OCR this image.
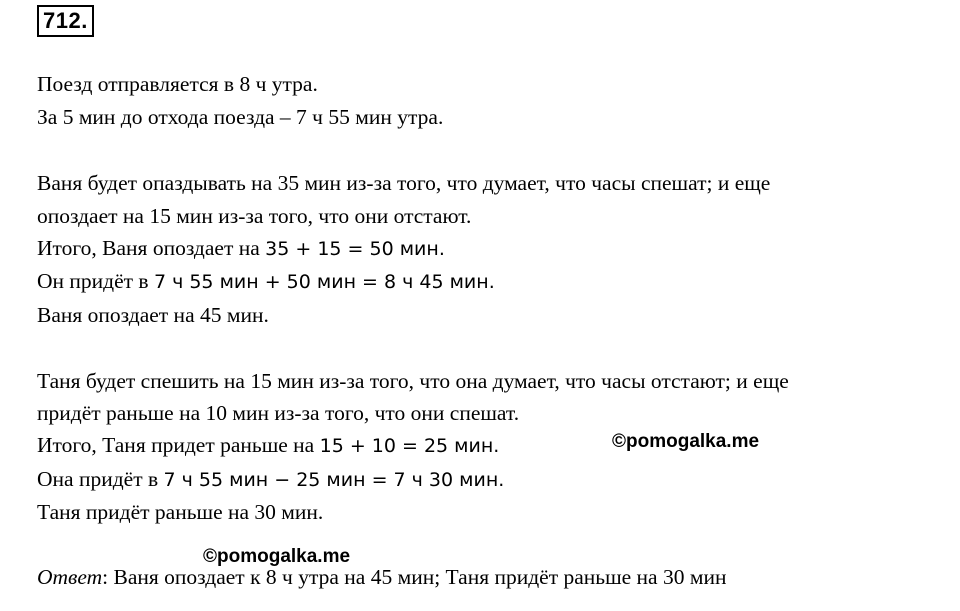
712.
Поезд отправляется в 8 ч утра.
За 5 мин до отхода поезда – 7 ч 55 мин утра.
Ваня будет опаздывать на 35 мин из-за того, что думает, что часы спешат; и еще
опоздает на 15 мин из-за того, что они отстают.
Итого, Ваня опоздает на 35 + 15 = 50 мин.
Он придёт в 7 ч 55 мин + 50 мин = 8 ч 45 мин.
Ваня опоздает на 45 мин.
Таня будет спешить на 15 мин из-за того, что она думает, что часы отстают; и еще
придёт раньше на 10 мин из-за того, что они спешат.
Итого, Таня придет раньше на 15 + 10 = 25 мин.
Она придёт в 7 ч 55 мин − 25 мин = 7 ч 30 мин.
Таня придёт раньше на 30 мин.
©pomogalka.me
©pomogalka.me
Ответ: Ваня опоздает к 8 ч утра на 45 мин; Таня придёт раньше на 30 мин
